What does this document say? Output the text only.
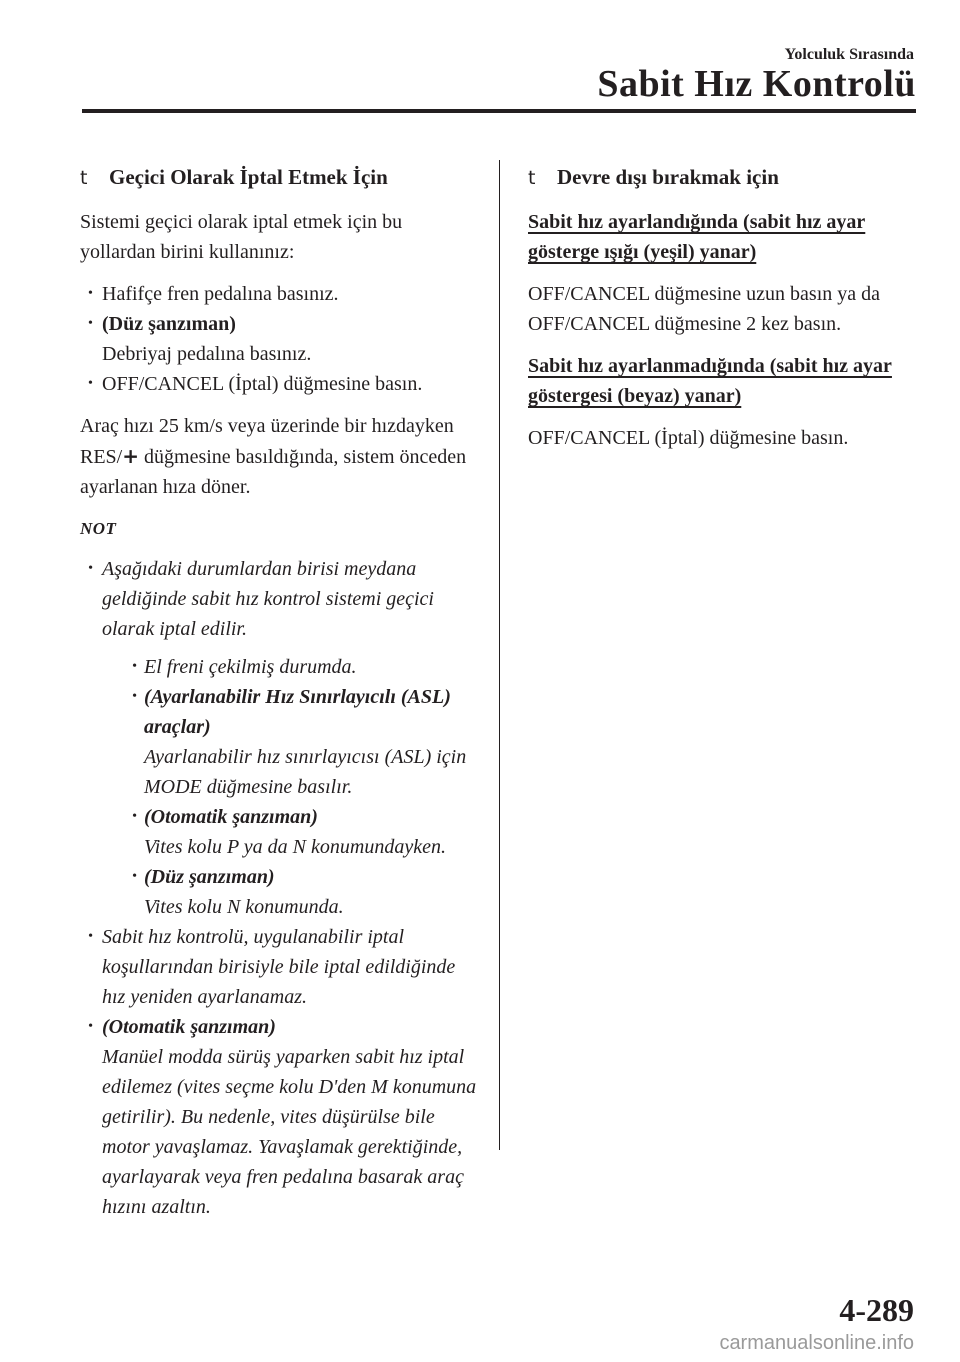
Yolculuk Sırasında
Sabit Hız Kontrolü
t	Geçici Olarak İptal Etmek İçin

Sistemi geçici olarak iptal etmek için bu yollardan birini kullanınız:

• Hafifçe fren pedalına basınız.
• (Düz şanzıman)
Debriyaj pedalına basınız.
• OFF/CANCEL (İptal) düğmesine basın.

Araç hızı 25 km/s veya üzerinde bir hızdayken RES/+ düğmesine basıldığında, sistem önceden ayarlanan hıza döner.

NOT
• Aşağıdaki durumlardan birisi meydana geldiğinde sabit hız kontrol sistemi geçici olarak iptal edilir.
• El freni çekilmiş durumda.
• (Ayarlanabilir Hız Sınırlayıcılı (ASL) araçlar)
Ayarlanabilir hız sınırlayıcısı (ASL) için MODE düğmesine basılır.
• (Otomatik şanzıman)
Vites kolu P ya da N konumundayken.
• (Düz şanzıman)
Vites kolu N konumunda.
• Sabit hız kontrolü, uygulanabilir iptal koşullarından birisiyle bile iptal edildiğinde hız yeniden ayarlanamaz.
• (Otomatik şanzıman)
Manüel modda sürüş yaparken sabit hız iptal edilemez (vites seçme kolu D'den M konumuna getirilir). Bu nedenle, vites düşürülse bile motor yavaşlamaz. Yavaşlamak gerektiğinde, ayarlayarak veya fren pedalına basarak araç hızını azaltın.
t	Devre dışı bırakmak için
Sabit hız ayarlandığında (sabit hız ayar gösterge ışığı (yeşil) yanar)

OFF/CANCEL düğmesine uzun basın ya da OFF/CANCEL düğmesine 2 kez basın.

Sabit hız ayarlanmadığında (sabit hız ayar göstergesi (beyaz) yanar)

OFF/CANCEL (İptal) düğmesine basın.

4-289
carmanualsonline.info
